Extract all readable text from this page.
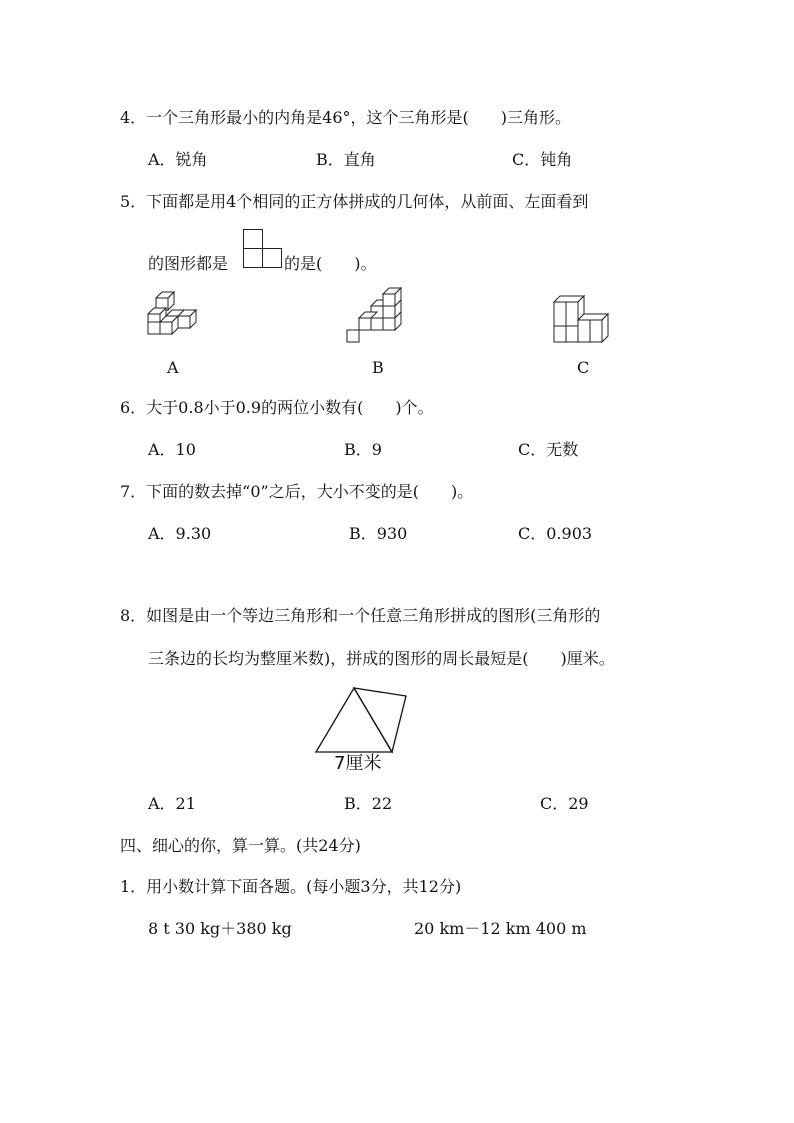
4．一个三角形最小的内角是46°，这个三角形是(　　)三角形。
A．锐角	B．直角	C．钝角
5．下面都是用4个相同的正方体拼成的几何体，从前面、左面看到
的图形都是	的是(　　)。
A	B	C
6．大于0.8小于0.9的两位小数有(　　)个。
A．10	B．9	C．无数
7．下面的数去掉“0”之后，大小不变的是(　　)。
A．9.30	B．930	C．0.903
8．如图是由一个等边三角形和一个任意三角形拼成的图形(三角形的
三条边的长均为整厘米数)，拼成的图形的周长最短是(　　)厘米。
7厘米
A．21	B．22	C．29
四、细心的你，算一算。(共24分)
1．用小数计算下面各题。(每小题3分，共12分)
8 t 30 kg＋380 kg	20 km－12 km 400 m
